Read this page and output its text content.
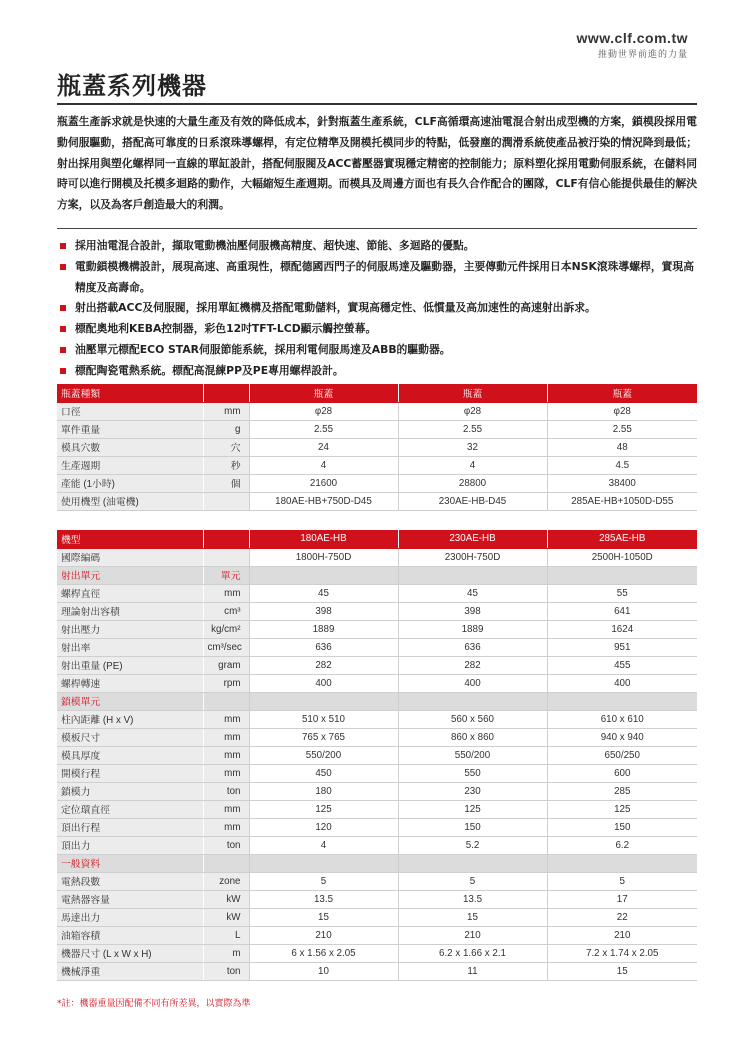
www.clf.com.tw
推動世界前進的力量
瓶蓋系列機器

瓶蓋生產訴求就是快速的大量生產及有效的降低成本，針對瓶蓋生產系統，CLF高循環高速油電混合射出成型機的方案，鎖模段採用電動伺服驅動，搭配高可靠度的日系滾珠導螺桿，有定位精準及開模托模同步的特點，低發塵的潤滑系統使產品被汙染的情況降到最低；射出採用與塑化螺桿同一直線的單缸設計，搭配伺服閥及ACC蓄壓器實現穩定精密的控制能力；原料塑化採用電動伺服系統，在儲料同時可以進行開模及托模多迴路的動作，大幅縮短生產週期。而模具及周邊方面也有長久合作配合的團隊，CLF有信心能提供最佳的解決方案，以及為客戶創造最大的利潤。

採用油電混合設計，擷取電動機油壓伺服機高精度、超快速、節能、多迴路的優點。
電動鎖模機構設計，展現高速、高重現性，標配德國西門子的伺服馬達及驅動器，主要傳動元件採用日本NSK滾珠導螺桿，實現高精度及高壽命。
射出搭載ACC及伺服閥，採用單缸機構及搭配電動儲料，實現高穩定性、低慣量及高加速性的高速射出訴求。
標配奧地利KEBA控制器，彩色12吋TFT-LCD顯示觸控螢幕。
油壓單元標配ECO STAR伺服節能系統，採用利電伺服馬達及ABB的驅動器。
標配陶瓷電熱系統。標配高混練PP及PE專用螺桿設計。
瓶蓋種類		瓶蓋	瓶蓋	瓶蓋
口徑	mm	φ28	φ28	φ28
單件重量	g	2.55	2.55	2.55
模具穴數	穴	24	32	48
生產週期	秒	4	4	4.5
產能 (1小時)	個	21600	28800	38400
使用機型 (油電機)		180AE-HB+750D-D45	230AE-HB-D45	285AE-HB+1050D-D55
機型		180AE-HB	230AE-HB	285AE-HB
國際編碼		1800H-750D	2300H-750D	2500H-1050D
射出單元	單元			
螺桿直徑	mm	45	45	55
理論射出容積	cm³	398	398	641
射出壓力	kg/cm²	1889	1889	1624
射出率	cm³/sec	636	636	951
射出重量 (PE)	gram	282	282	455
螺桿轉速	rpm	400	400	400
鎖模單元				
柱內距離 (H x V)	mm	510 x 510	560 x 560	610 x 610
模板尺寸	mm	765 x 765	860 x 860	940 x 940
模具厚度	mm	550/200	550/200	650/250
開模行程	mm	450	550	600
鎖模力	ton	180	230	285
定位環直徑	mm	125	125	125
頂出行程	mm	120	150	150
頂出力	ton	4	5.2	6.2
一般資料				
電熱段數	zone	5	5	5
電熱器容量	kW	13.5	13.5	17
馬達出力	kW	15	15	22
油箱容積	L	210	210	210
機器尺寸 (L x W x H)	m	6 x 1.56 x 2.05	6.2 x 1.66 x 2.1	7.2 x 1.74 x 2.05
機械淨重	ton	10	11	15
*註：機器重量因配備不同有所差異，以實際為準
